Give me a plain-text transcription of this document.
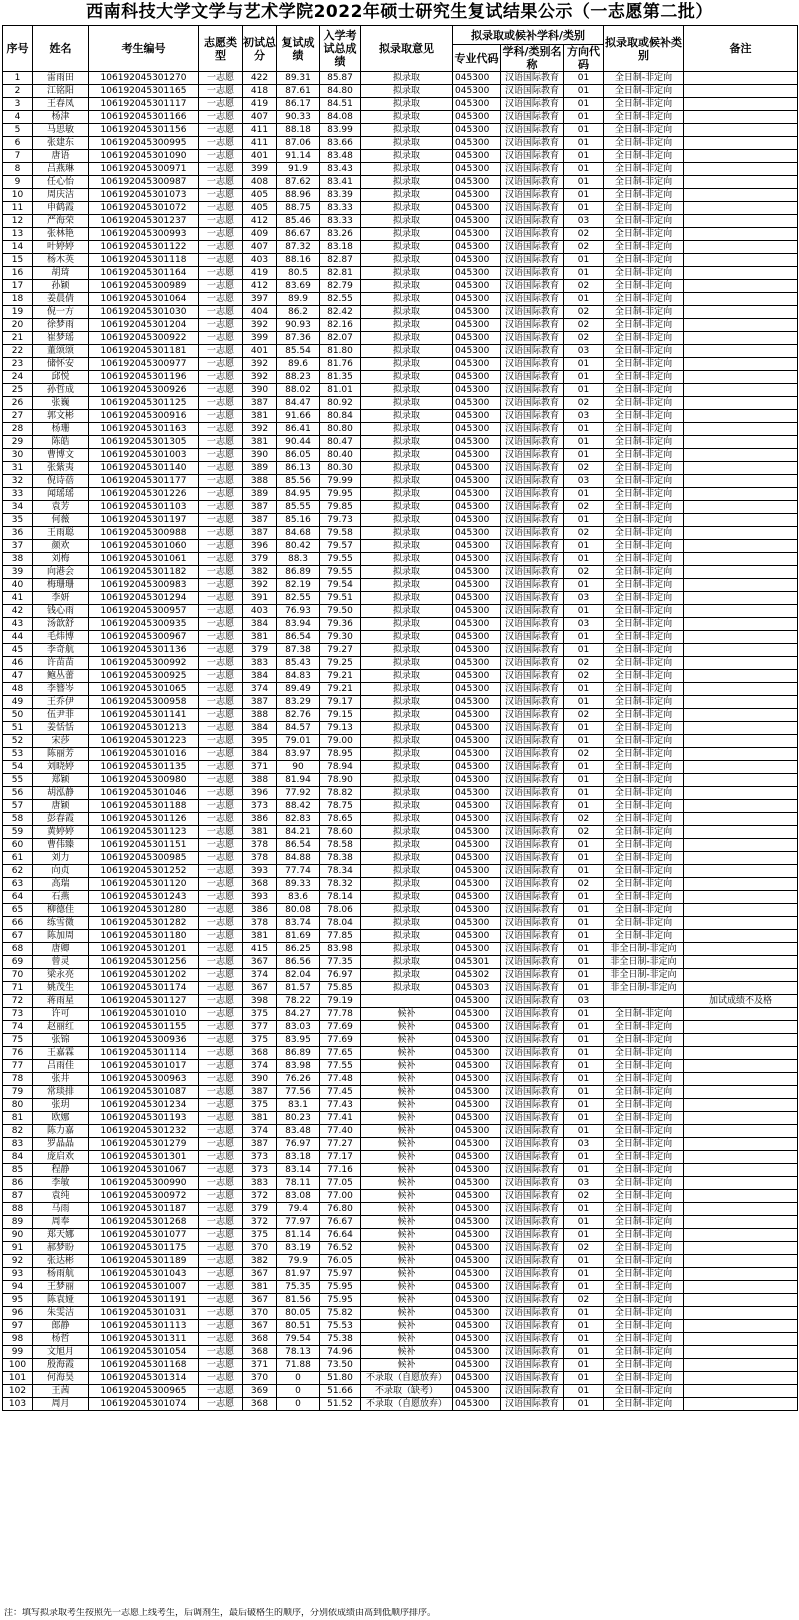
西南科技大学文学与艺术学院2022年硕士研究生复试结果公示（一志愿第二批）
序号	姓名	考生编号	志愿类型	初试总分	复试成绩	入学考试总成绩	拟录取意见	拟录取或候补学科/类别			拟录取或候补类别	备注
								专业代码	学科/类别名称	方向代码		
1	雷雨田	106192045301270	一志愿	422	89.31	85.87	拟录取	045300	汉语国际教育	01	全日制-非定向	
2	江铭阳	106192045301165	一志愿	418	87.61	84.80	拟录取	045300	汉语国际教育	01	全日制-非定向	
3	王春凤	106192045301117	一志愿	419	86.17	84.51	拟录取	045300	汉语国际教育	01	全日制-非定向	
4	杨津	106192045301166	一志愿	407	90.33	84.08	拟录取	045300	汉语国际教育	01	全日制-非定向	
5	马思敏	106192045301156	一志愿	411	88.18	83.99	拟录取	045300	汉语国际教育	01	全日制-非定向	
6	张建东	106192045300995	一志愿	411	87.06	83.66	拟录取	045300	汉语国际教育	01	全日制-非定向	
7	唐语	106192045301090	一志愿	401	91.14	83.48	拟录取	045300	汉语国际教育	01	全日制-非定向	
8	吕燕琳	106192045300971	一志愿	399	91.9	83.43	拟录取	045300	汉语国际教育	01	全日制-非定向	
9	任心怡	106192045300987	一志愿	408	87.62	83.41	拟录取	045300	汉语国际教育	01	全日制-非定向	
10	周庆洁	106192045301073	一志愿	405	88.96	83.39	拟录取	045300	汉语国际教育	01	全日制-非定向	
11	申鹤霞	106192045301072	一志愿	405	88.75	83.33	拟录取	045300	汉语国际教育	01	全日制-非定向	
12	严海荣	106192045301237	一志愿	412	85.46	83.33	拟录取	045300	汉语国际教育	03	全日制-非定向	
13	张林艳	106192045300993	一志愿	409	86.67	83.26	拟录取	045300	汉语国际教育	02	全日制-非定向	
14	叶婷婷	106192045301122	一志愿	407	87.32	83.18	拟录取	045300	汉语国际教育	02	全日制-非定向	
15	杨木英	106192045301118	一志愿	403	88.16	82.87	拟录取	045300	汉语国际教育	01	全日制-非定向	
16	胡琦	106192045301164	一志愿	419	80.5	82.81	拟录取	045300	汉语国际教育	01	全日制-非定向	
17	孙颖	106192045300989	一志愿	412	83.69	82.79	拟录取	045300	汉语国际教育	02	全日制-非定向	
18	姜晨倩	106192045301064	一志愿	397	89.9	82.55	拟录取	045300	汉语国际教育	01	全日制-非定向	
19	倪一方	106192045301030	一志愿	404	86.2	82.42	拟录取	045300	汉语国际教育	02	全日制-非定向	
20	徐梦雨	106192045301204	一志愿	392	90.93	82.16	拟录取	045300	汉语国际教育	02	全日制-非定向	
21	崔梦瑶	106192045300922	一志愿	399	87.36	82.07	拟录取	045300	汉语国际教育	02	全日制-非定向	
22	董颂颂	106192045301181	一志愿	401	85.54	81.80	拟录取	045300	汉语国际教育	03	全日制-非定向	
23	储怀安	106192045300977	一志愿	392	89.6	81.76	拟录取	045300	汉语国际教育	01	全日制-非定向	
24	邱悦	106192045301196	一志愿	392	88.23	81.35	拟录取	045300	汉语国际教育	01	全日制-非定向	
25	孙哲成	106192045300926	一志愿	390	88.02	81.01	拟录取	045300	汉语国际教育	01	全日制-非定向	
26	张巍	106192045301125	一志愿	387	84.47	80.92	拟录取	045300	汉语国际教育	02	全日制-非定向	
27	郭文彬	106192045300916	一志愿	381	91.66	80.84	拟录取	045300	汉语国际教育	03	全日制-非定向	
28	杨珊	106192045301163	一志愿	392	86.41	80.80	拟录取	045300	汉语国际教育	01	全日制-非定向	
29	陈皓	106192045301305	一志愿	381	90.44	80.47	拟录取	045300	汉语国际教育	01	全日制-非定向	
30	曹博文	106192045301003	一志愿	390	86.05	80.40	拟录取	045300	汉语国际教育	01	全日制-非定向	
31	张紫夷	106192045301140	一志愿	389	86.13	80.30	拟录取	045300	汉语国际教育	02	全日制-非定向	
32	倪诗蓓	106192045301177	一志愿	388	85.56	79.99	拟录取	045300	汉语国际教育	03	全日制-非定向	
33	闻瑶瑶	106192045301226	一志愿	389	84.95	79.95	拟录取	045300	汉语国际教育	01	全日制-非定向	
34	袁芳	106192045301103	一志愿	387	85.55	79.85	拟录取	045300	汉语国际教育	02	全日制-非定向	
35	何薇	106192045301197	一志愿	387	85.16	79.73	拟录取	045300	汉语国际教育	01	全日制-非定向	
36	王雨聪	106192045300988	一志愿	387	84.68	79.58	拟录取	045300	汉语国际教育	02	全日制-非定向	
37	颜欢	106192045301060	一志愿	396	80.42	79.57	拟录取	045300	汉语国际教育	01	全日制-非定向	
38	刘梅	106192045301061	一志愿	379	88.3	79.55	拟录取	045300	汉语国际教育	01	全日制-非定向	
39	向港会	106192045301182	一志愿	382	86.89	79.55	拟录取	045300	汉语国际教育	02	全日制-非定向	
40	梅珊珊	106192045300983	一志愿	392	82.19	79.54	拟录取	045300	汉语国际教育	01	全日制-非定向	
41	李妍	106192045301294	一志愿	391	82.55	79.51	拟录取	045300	汉语国际教育	03	全日制-非定向	
42	钱心雨	106192045300957	一志愿	403	76.93	79.50	拟录取	045300	汉语国际教育	01	全日制-非定向	
43	汤歆舒	106192045300935	一志愿	384	83.94	79.36	拟录取	045300	汉语国际教育	03	全日制-非定向	
44	毛炜博	106192045300967	一志愿	381	86.54	79.30	拟录取	045300	汉语国际教育	01	全日制-非定向	
45	李奇航	106192045301136	一志愿	379	87.38	79.27	拟录取	045300	汉语国际教育	01	全日制-非定向	
46	许苗苗	106192045300992	一志愿	383	85.43	79.25	拟录取	045300	汉语国际教育	02	全日制-非定向	
47	鲍丛蕾	106192045300925	一志愿	384	84.83	79.21	拟录取	045300	汉语国际教育	02	全日制-非定向	
48	李簪岑	106192045301065	一志愿	374	89.49	79.21	拟录取	045300	汉语国际教育	01	全日制-非定向	
49	王乔伊	106192045300958	一志愿	387	83.29	79.17	拟录取	045300	汉语国际教育	01	全日制-非定向	
50	伍尹菲	106192045301141	一志愿	388	82.76	79.15	拟录取	045300	汉语国际教育	02	全日制-非定向	
51	姜恬恬	106192045301213	一志愿	384	84.57	79.13	拟录取	045300	汉语国际教育	01	全日制-非定向	
52	宋莎	106192045301223	一志愿	395	79.01	79.00	拟录取	045300	汉语国际教育	01	全日制-非定向	
53	陈丽芳	106192045301016	一志愿	384	83.97	78.95	拟录取	045300	汉语国际教育	02	全日制-非定向	
54	刘晓婷	106192045301135	一志愿	371	90	78.94	拟录取	045300	汉语国际教育	01	全日制-非定向	
55	郑颖	106192045300980	一志愿	388	81.94	78.90	拟录取	045300	汉语国际教育	01	全日制-非定向	
56	胡泓静	106192045301046	一志愿	396	77.92	78.82	拟录取	045300	汉语国际教育	01	全日制-非定向	
57	唐颖	106192045301188	一志愿	373	88.42	78.75	拟录取	045300	汉语国际教育	01	全日制-非定向	
58	彭春霞	106192045301126	一志愿	386	82.83	78.65	拟录取	045300	汉语国际教育	02	全日制-非定向	
59	黄婷婷	106192045301123	一志愿	381	84.21	78.60	拟录取	045300	汉语国际教育	02	全日制-非定向	
60	曹伟臻	106192045301151	一志愿	378	86.54	78.58	拟录取	045300	汉语国际教育	01	全日制-非定向	
61	刘力	106192045300985	一志愿	378	84.88	78.38	拟录取	045300	汉语国际教育	01	全日制-非定向	
62	向贞	106192045301252	一志愿	393	77.74	78.34	拟录取	045300	汉语国际教育	01	全日制-非定向	
63	高瑞	106192045301120	一志愿	368	89.33	78.32	拟录取	045300	汉语国际教育	02	全日制-非定向	
64	石燕	106192045301243	一志愿	393	83.6	78.14	拟录取	045300	汉语国际教育	01	全日制-非定向	
65	柳德佳	106192045301280	一志愿	386	80.08	78.06	拟录取	045300	汉语国际教育	01	全日制-非定向	
66	练雪微	106192045301282	一志愿	378	83.74	78.04	拟录取	045300	汉语国际教育	01	全日制-非定向	
67	陈加周	106192045301180	一志愿	381	81.69	77.85	拟录取	045300	汉语国际教育	01	全日制-非定向	
68	唐卿	106192045301201	一志愿	415	86.25	83.98	拟录取	045300	汉语国际教育	01	非全日制-非定向	
69	曾灵	106192045301256	一志愿	367	86.56	77.35	拟录取	045301	汉语国际教育	01	非全日制-非定向	
70	梁永亮	106192045301202	一志愿	374	82.04	76.97	拟录取	045302	汉语国际教育	01	非全日制-非定向	
71	姚茂生	106192045301174	一志愿	367	81.57	75.85	拟录取	045303	汉语国际教育	01	非全日制-非定向	
72	蒋雨星	106192045301127	一志愿	398	78.22	79.19		045300	汉语国际教育	03		加试成绩不及格
73	许可	106192045301010	一志愿	375	84.27	77.78	候补	045300	汉语国际教育	01	全日制-非定向	
74	赵丽红	106192045301155	一志愿	377	83.03	77.69	候补	045300	汉语国际教育	01	全日制-非定向	
75	张锦	106192045300936	一志愿	375	83.95	77.69	候补	045300	汉语国际教育	01	全日制-非定向	
76	王嘉霖	106192045301114	一志愿	368	86.89	77.65	候补	045300	汉语国际教育	01	全日制-非定向	
77	吕雨佳	106192045301017	一志愿	374	83.98	77.55	候补	045300	汉语国际教育	01	全日制-非定向	
78	张井	106192045300963	一志愿	390	76.26	77.48	候补	045300	汉语国际教育	01	全日制-非定向	
79	常琰排	106192045301087	一志愿	387	77.56	77.45	候补	045300	汉语国际教育	01	全日制-非定向	
80	张玥	106192045301234	一志愿	375	83.1	77.43	候补	045300	汉语国际教育	01	全日制-非定向	
81	欧娜	106192045301193	一志愿	381	80.23	77.41	候补	045300	汉语国际教育	01	全日制-非定向	
82	陈力嘉	106192045301232	一志愿	374	83.48	77.40	候补	045300	汉语国际教育	01	全日制-非定向	
83	罗晶晶	106192045301279	一志愿	387	76.97	77.27	候补	045300	汉语国际教育	03	全日制-非定向	
84	庞启欢	106192045301301	一志愿	373	83.18	77.17	候补	045300	汉语国际教育	01	全日制-非定向	
85	程静	106192045301067	一志愿	373	83.14	77.16	候补	045300	汉语国际教育	01	全日制-非定向	
86	李敏	106192045300990	一志愿	383	78.11	77.05	候补	045300	汉语国际教育	03	全日制-非定向	
87	袁纯	106192045300972	一志愿	372	83.08	77.00	候补	045300	汉语国际教育	02	全日制-非定向	
88	马雨	106192045301187	一志愿	379	79.4	76.80	候补	045300	汉语国际教育	01	全日制-非定向	
89	周奉	106192045301268	一志愿	372	77.97	76.67	候补	045300	汉语国际教育	01	全日制-非定向	
90	郑天娜	106192045301077	一志愿	375	81.14	76.64	候补	045300	汉语国际教育	01	全日制-非定向	
91	郝梦盼	106192045301175	一志愿	370	83.19	76.52	候补	045300	汉语国际教育	02	全日制-非定向	
92	张达彬	106192045301189	一志愿	382	79.9	76.05	候补	045300	汉语国际教育	01	全日制-非定向	
93	杨雨航	106192045301043	一志愿	367	81.97	75.97	候补	045300	汉语国际教育	01	全日制-非定向	
94	王梦丽	106192045301007	一志愿	381	75.35	75.95	候补	045300	汉语国际教育	01	全日制-非定向	
95	陈袁娅	106192045301191	一志愿	367	81.56	75.95	候补	045300	汉语国际教育	02	全日制-非定向	
96	朱雯洁	106192045301031	一志愿	370	80.05	75.82	候补	045300	汉语国际教育	01	全日制-非定向	
97	郎静	106192045301113	一志愿	367	80.51	75.53	候补	045300	汉语国际教育	01	全日制-非定向	
98	杨哲	106192045301311	一志愿	368	79.54	75.38	候补	045300	汉语国际教育	01	全日制-非定向	
99	文旭月	106192045301054	一志愿	368	78.13	74.96	候补	045300	汉语国际教育	01	全日制-非定向	
100	殷海霞	106192045301168	一志愿	371	71.88	73.50	候补	045300	汉语国际教育	01	全日制-非定向	
101	何海昊	106192045301314	一志愿	370	0	51.80	不录取（自愿放弃）	045300	汉语国际教育	01	全日制-非定向	
102	王茜	106192045300965	一志愿	369	0	51.66	不录取（缺考）	045300	汉语国际教育	01	全日制-非定向	
103	周月	106192045301074	一志愿	368	0	51.52	不录取（自愿放弃）	045300	汉语国际教育	01	全日制-非定向	
注：填写拟录取考生按照先一志愿上线考生，后调剂生，最后破格生的顺序，分别依成绩由高到低顺序排序。
